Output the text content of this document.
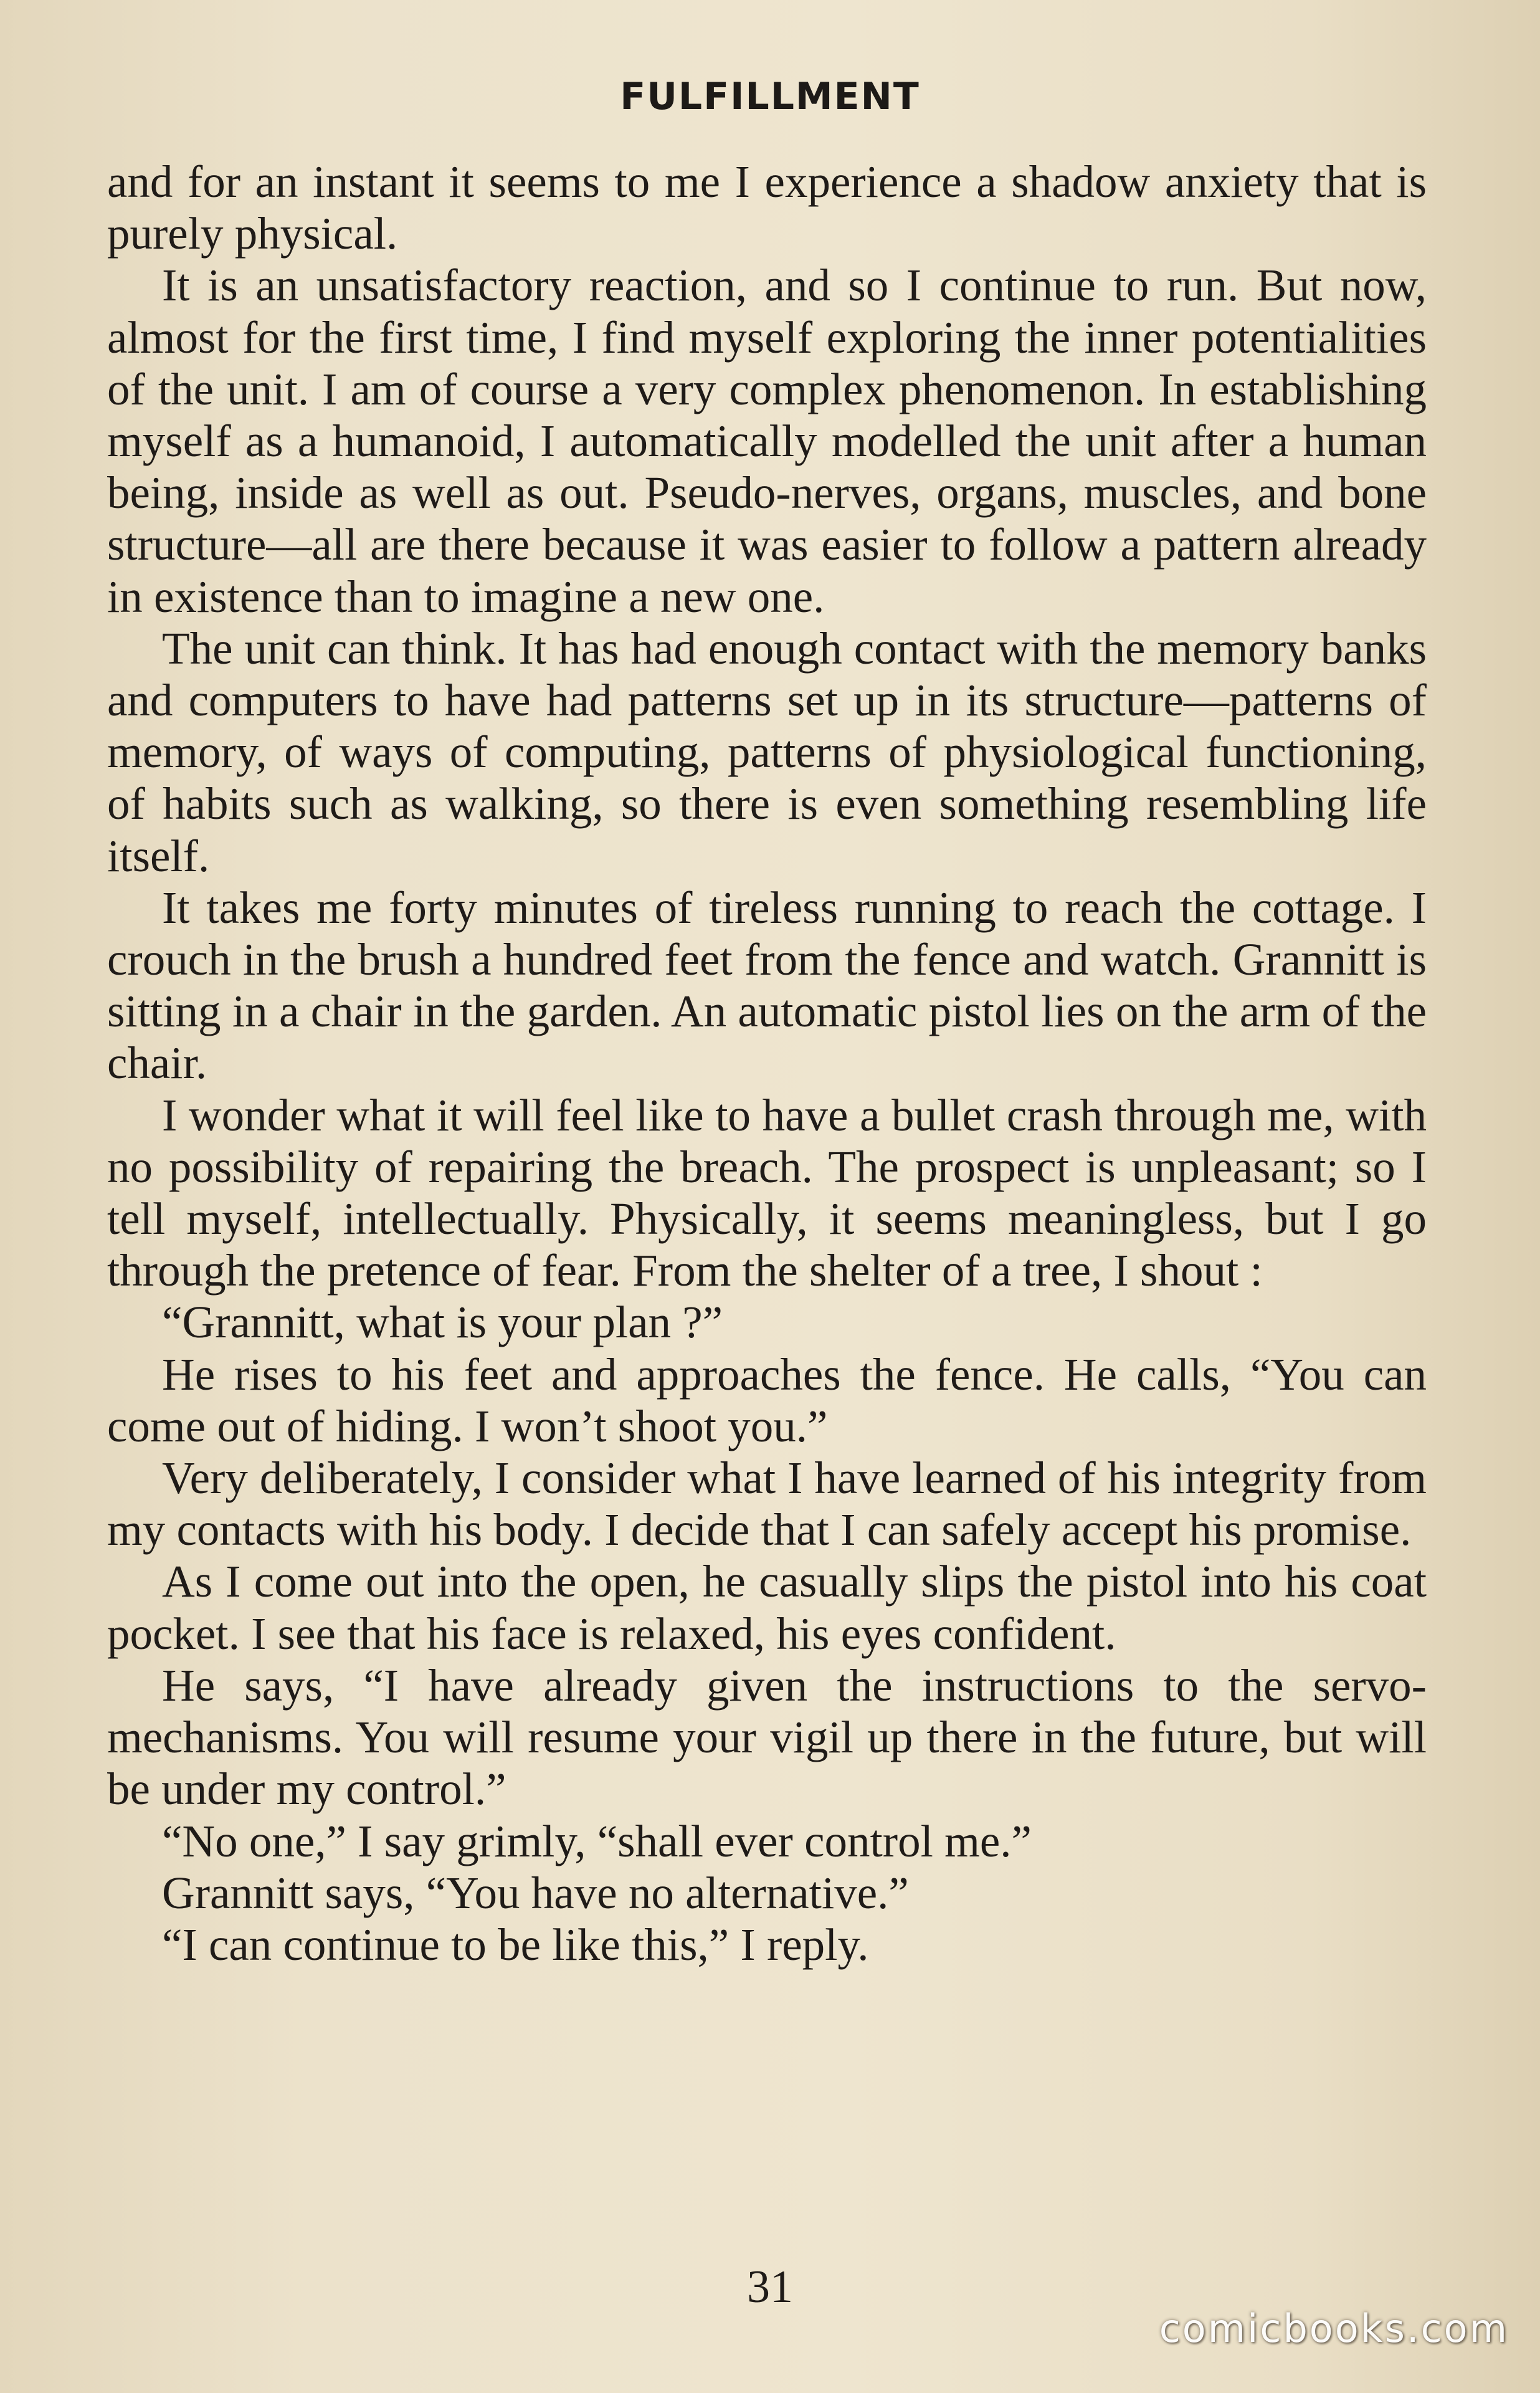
FULFILLMENT

and for an instant it seems to me I experience a shadow anxiety that is purely physical.

It is an unsatisfactory reaction, and so I continue to run. But now, almost for the first time, I find myself exploring the inner potentialities of the unit. I am of course a very complex phenomenon. In establishing myself as a humanoid, I automatically modelled the unit after a human being, inside as well as out. Pseudo-nerves, organs, muscles, and bone structure—all are there because it was easier to follow a pattern already in existence than to imagine a new one.

The unit can think. It has had enough contact with the memory banks and computers to have had patterns set up in its structure—patterns of memory, of ways of computing, patterns of physiological functioning, of habits such as walking, so there is even something resembling life itself.

It takes me forty minutes of tireless running to reach the cottage. I crouch in the brush a hundred feet from the fence and watch. Grannitt is sitting in a chair in the garden. An automatic pistol lies on the arm of the chair.

I wonder what it will feel like to have a bullet crash through me, with no possibility of repairing the breach. The prospect is unpleasant; so I tell myself, intellectually. Physically, it seems meaningless, but I go through the pretence of fear. From the shelter of a tree, I shout :

“Grannitt, what is your plan ?”

He rises to his feet and approaches the fence. He calls, “You can come out of hiding. I won’t shoot you.”

Very deliberately, I consider what I have learned of his integrity from my contacts with his body. I decide that I can safely accept his promise.

As I come out into the open, he casually slips the pistol into his coat pocket. I see that his face is relaxed, his eyes confident.

He says, “I have already given the instructions to the servo-mechanisms. You will resume your vigil up there in the future, but will be under my control.”

“No one,” I say grimly, “shall ever control me.”

Grannitt says, “You have no alternative.”

“I can continue to be like this,” I reply.

31
comicbooks.com
